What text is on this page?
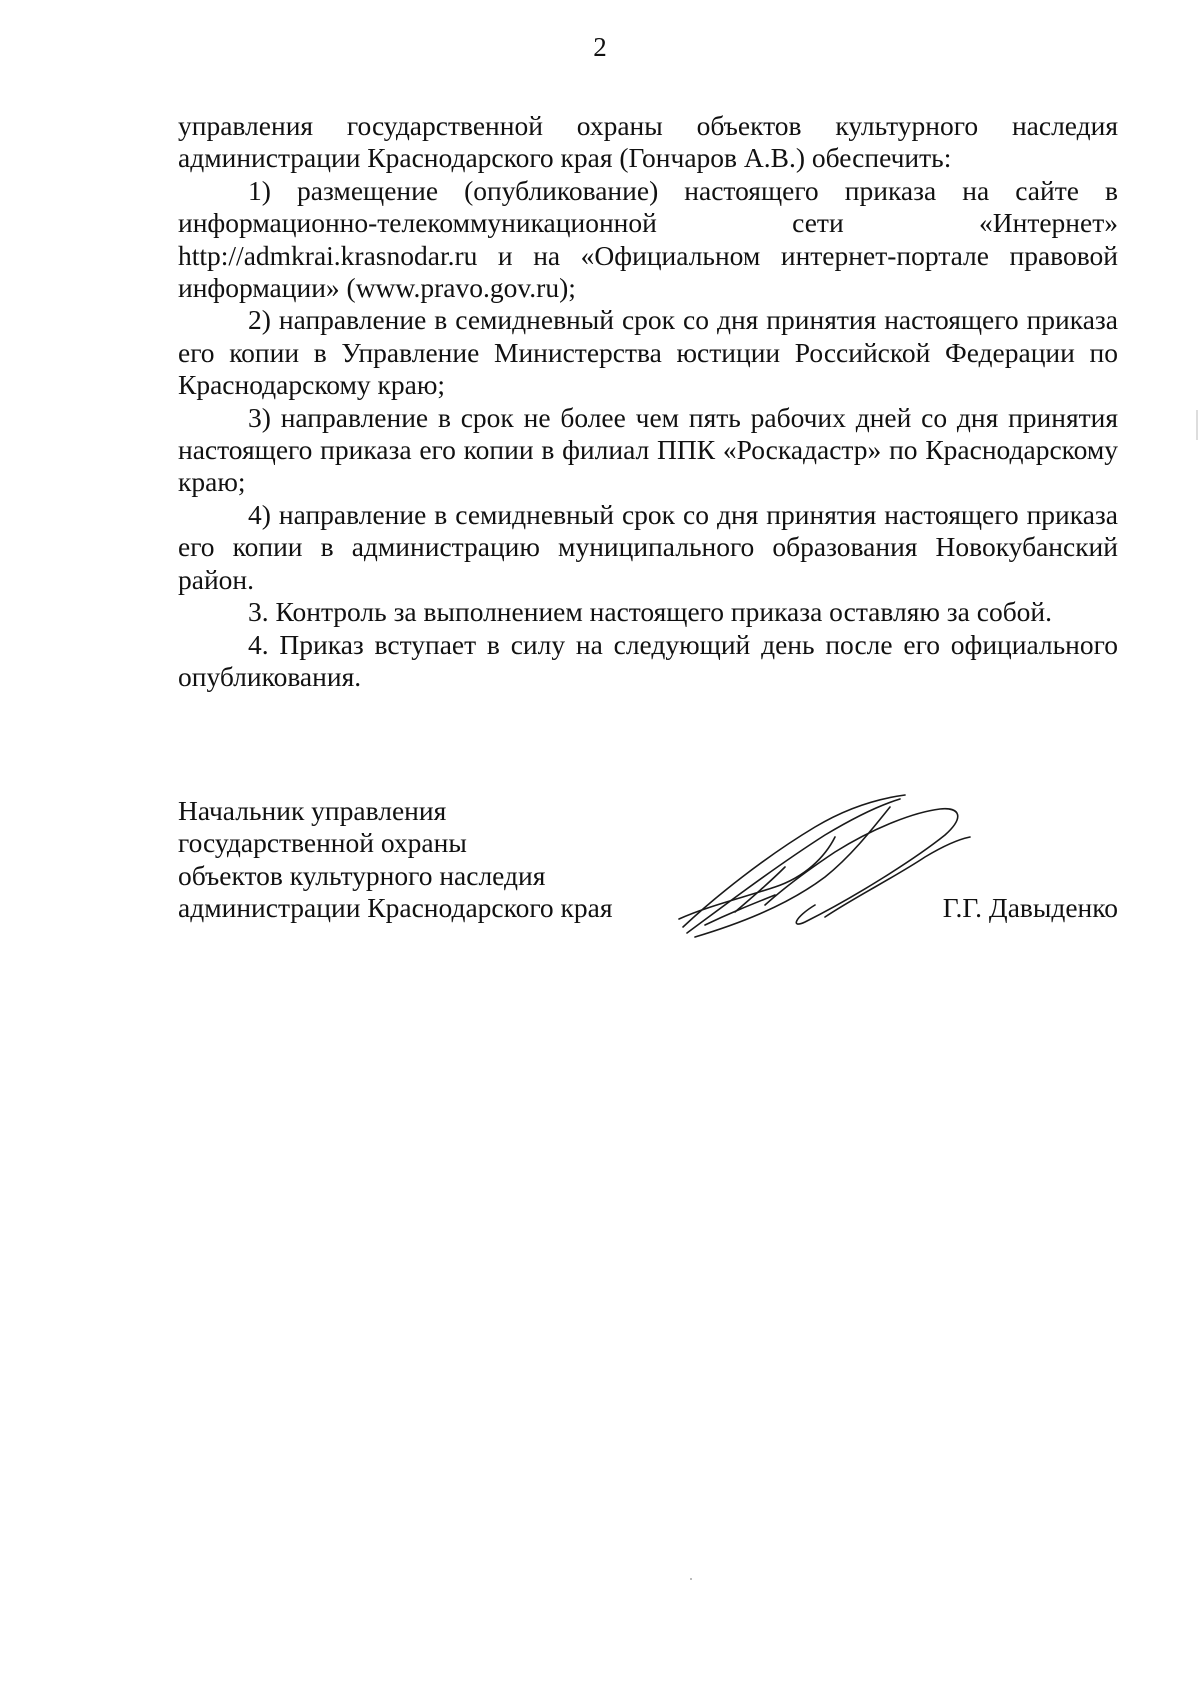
2

управления государственной охраны объектов культурного наследия администрации Краснодарского края (Гончаров А.В.) обеспечить:

1) размещение (опубликование) настоящего приказа на сайте в информационно-телекоммуникационной сети «Интернет» http://admkrai.krasnodar.ru и на «Официальном интернет-портале правовой информации» (www.pravo.gov.ru);

2) направление в семидневный срок со дня принятия настоящего приказа его копии в Управление Министерства юстиции Российской Федерации по Краснодарскому краю;

3) направление в срок не более чем пять рабочих дней со дня принятия настоящего приказа его копии в филиал ППК «Роскадастр» по Краснодарскому краю;

4) направление в семидневный срок со дня принятия настоящего приказа его копии в администрацию муниципального образования Новокубанский район.

3. Контроль за выполнением настоящего приказа оставляю за собой.

4. Приказ вступает в силу на следующий день после его официального опубликования.

Начальник управления
государственной охраны
объектов культурного наследия
администрации Краснодарского края	Г.Г. Давыденко
